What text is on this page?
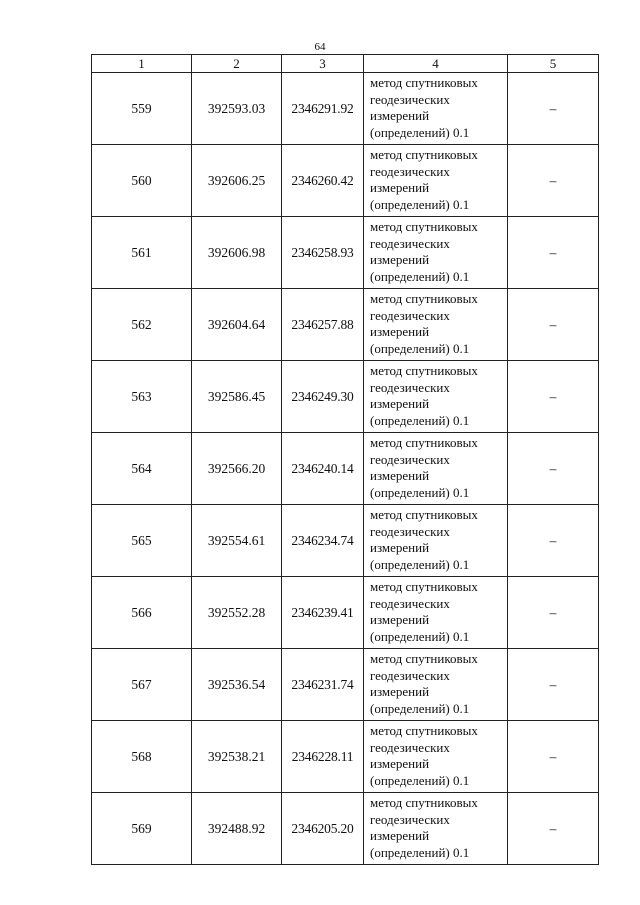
64
1	2	3	4	5
559	392593.03	2346291.92	метод спутниковых
геодезических
измерений
(определений) 0.1	–
560	392606.25	2346260.42	метод спутниковых
геодезических
измерений
(определений) 0.1	–
561	392606.98	2346258.93	метод спутниковых
геодезических
измерений
(определений) 0.1	–
562	392604.64	2346257.88	метод спутниковых
геодезических
измерений
(определений) 0.1	–
563	392586.45	2346249.30	метод спутниковых
геодезических
измерений
(определений) 0.1	–
564	392566.20	2346240.14	метод спутниковых
геодезических
измерений
(определений) 0.1	–
565	392554.61	2346234.74	метод спутниковых
геодезических
измерений
(определений) 0.1	–
566	392552.28	2346239.41	метод спутниковых
геодезических
измерений
(определений) 0.1	–
567	392536.54	2346231.74	метод спутниковых
геодезических
измерений
(определений) 0.1	–
568	392538.21	2346228.11	метод спутниковых
геодезических
измерений
(определений) 0.1	–
569	392488.92	2346205.20	метод спутниковых
геодезических
измерений
(определений) 0.1	–
